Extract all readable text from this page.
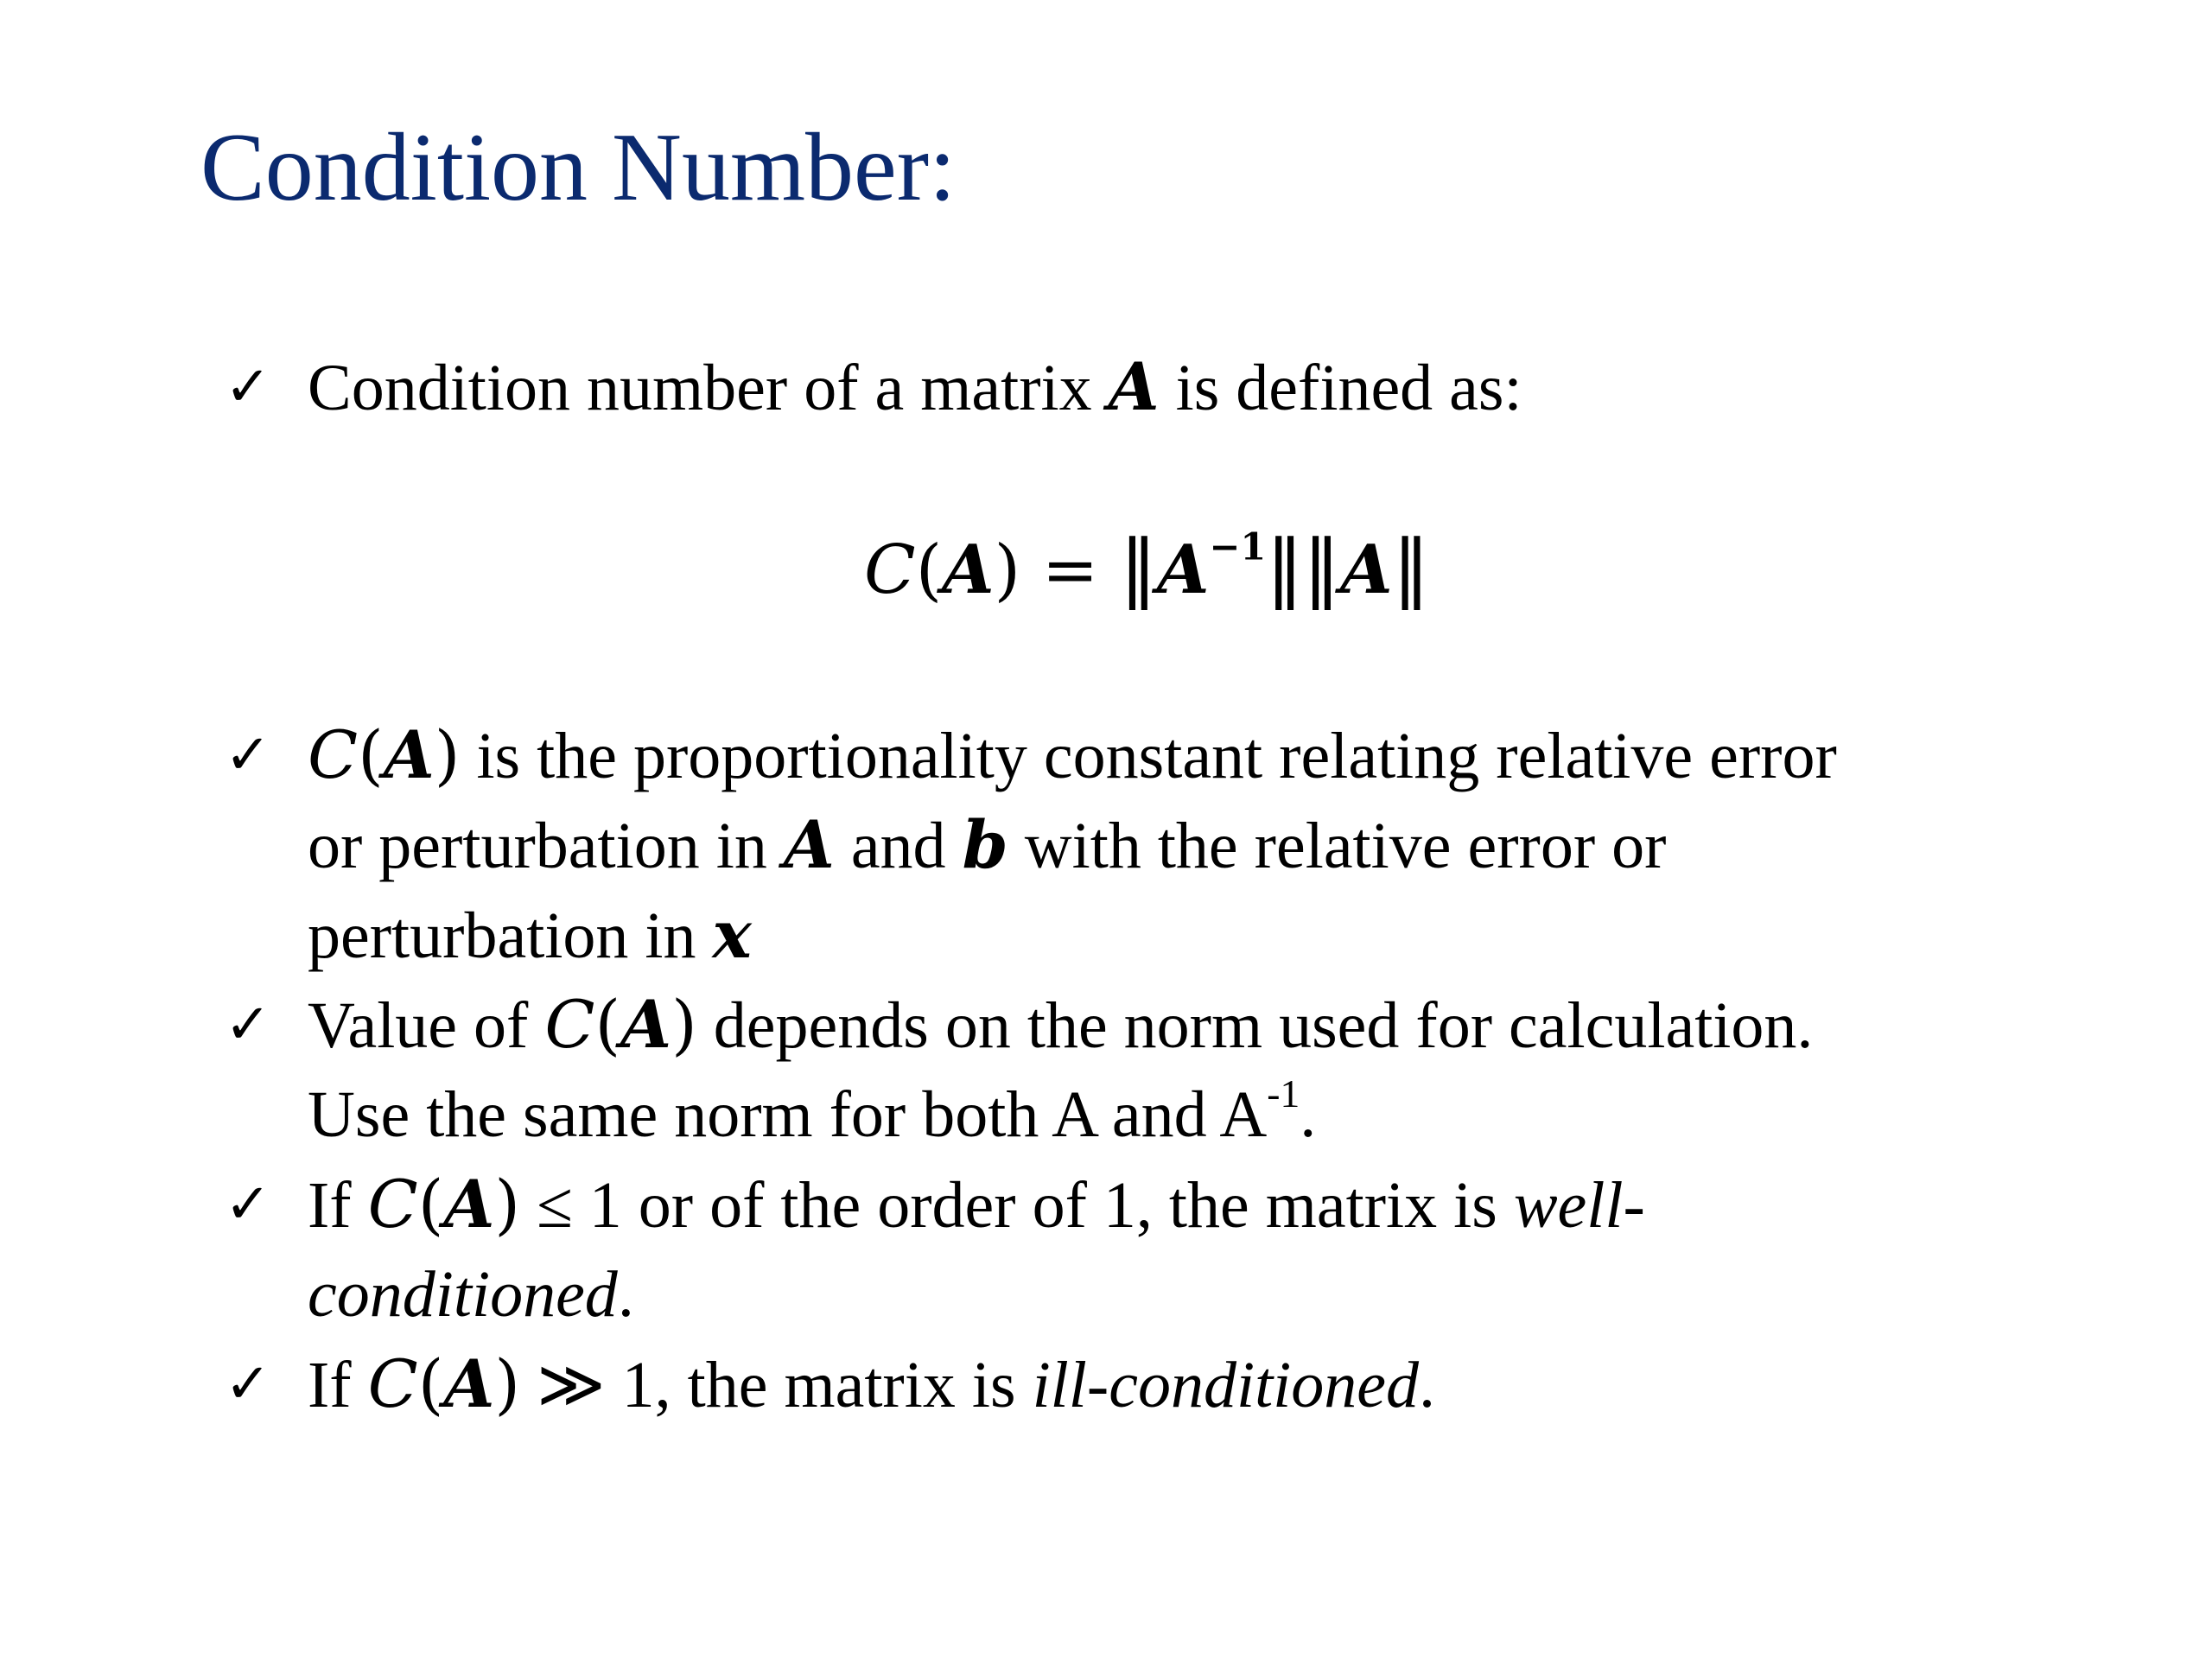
Condition Number:
✓ Condition number of a matrix A is defined as:
𝐶(A) = $‖A^{-1}‖‖A‖$
✓ 𝐶(A) is the proportionality constant relating relative error
or perturbation in A and b with the relative error or
perturbation in x
✓ Value of 𝐶(A) depends on the norm used for calculation.
Use the same norm for both A and $A^{-1}$.
✓ If 𝐶(A) ≤ 1 or of the order of 1, the matrix is well-
conditioned.
✓ If 𝐶(A) ≫ 1, the matrix is ill-conditioned.
